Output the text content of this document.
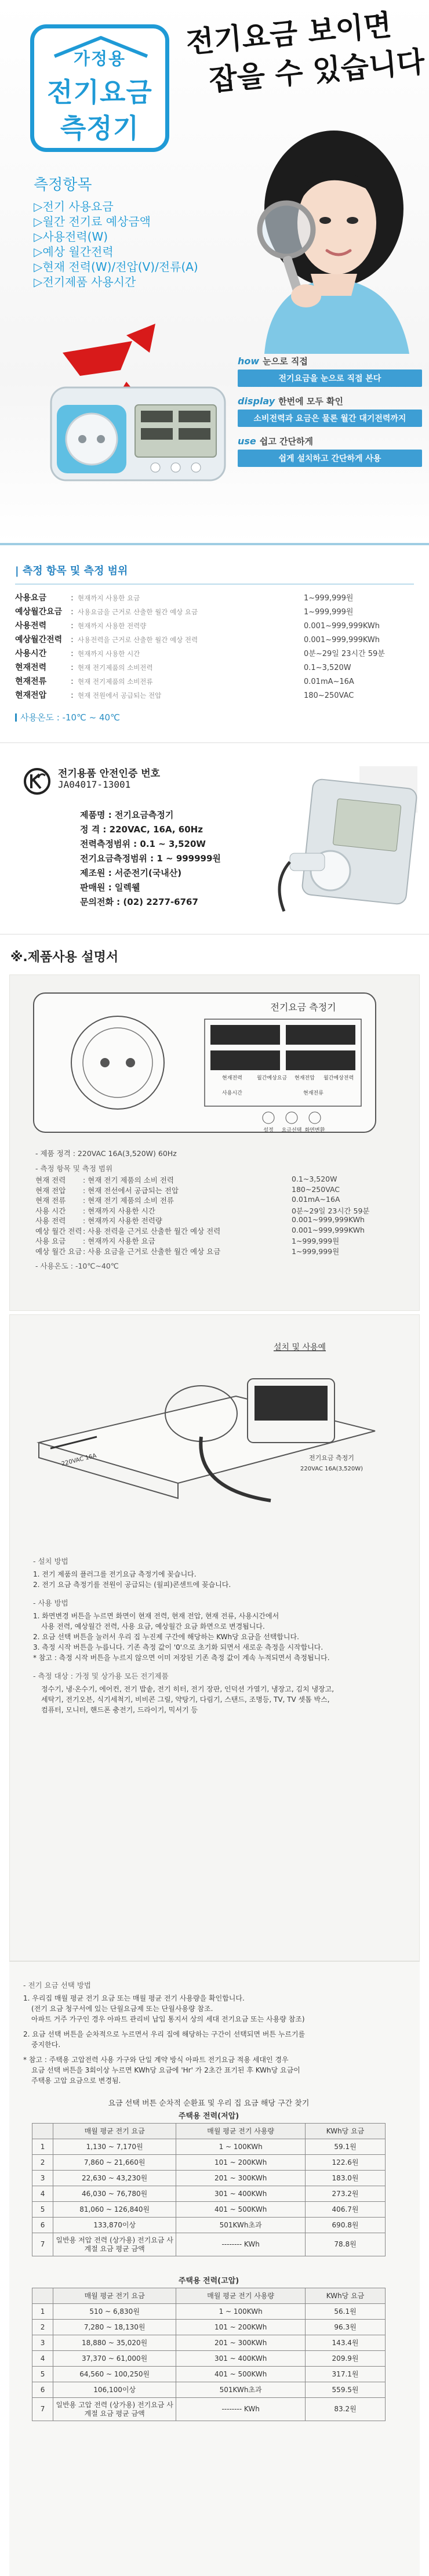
가정용
전기요금
측정기
전기요금 보이면
잡을 수 있습니다
측정항목
▷전기 사용요금
▷월간 전기료 예상금액
▷사용전력(W)
▷예상 월간전력
▷현재 전력(W)/전압(V)/전류(A)
▷전기제품 사용시간
how 눈으로 직접
전기요금을 눈으로 직접 본다
display 한번에 모두 확인
소비전력과 요금은 물론 월간 대기전력까지
use 쉽고 간단하게
쉽게 설치하고 간단하게 사용
| 측정 항목 및 측정 범위
사용요금	: 현재까지 사용한 요금	1~999,999원
예상월간요금	: 사용요금을 근거로 산출한 월간 예상 요금	1~999,999원
사용전력	: 현재까지 사용한 전력량	0.001~999,999KWh
예상월간전력	: 사용전력을 근거로 산출한 월간 예상 전력	0.001~999,999KWh
사용시간	: 현재까지 사용한 시간	0분~29일 23시간 59분
현재전력	: 현재 전기제품의 소비전력	0.1~3,520W
현재전류	: 현재 전기제품의 소비전류	0.01mA~16A
현재전압	: 현재 전원에서 공급되는 전압	180~250VAC
사용온도 : -10℃ ~ 40℃
전기용품 안전인증 번호
JA04017-13001
제품명 : 전기요금측정기
정 격 : 220VAC, 16A, 60Hz
전력측정범위 : 0.1 ~ 3,520W
전기요금측정범위 : 1 ~ 999999원
제조원 : 서준전기(국내산)
판매원 : 일렉웰
문의전화 : (02) 2277-6767
※.제품사용 설명서
전기요금 측정기
현재전력	월간예상요금 현재전압 월간예상전력
사용시간	현재전류
설정 요금선택 화면변환
- 제품 정격 : 220VAC 16A(3,520W) 60Hz
- 측정 항목 및 측정 범위
현재 전력	: 현재 전기 제품의 소비 전력	0.1~3,520W
현재 전압	: 현재 전선에서 공급되는 전압	180~250VAC
현재 전류	: 현재 전기 제품의 소비 전류	0.01mA~16A
사용 시간	: 현재까지 사용한 시간	0분~29일 23시간 59분
사용 전력	: 현재까지 사용한 전력량	0.001~999,999KWh
예상 월간 전력 : 사용 전력을 근거로 산출한 월간 예상 전력	0.001~999,999KWh
사용 요금	: 현재까지 사용한 요금	1~999,999원
예상 월간 요금 : 사용 요금을 근거로 산출한 월간 예상 요금	1~999,999원
- 사용온도 : -10℃~40℃
설치 및 사용예
220VAC 16A	전기요금 측정기
220VAC 16A(3,520W)
- 설치 방법
1. 전기 제품의 플러그를 전기요금 측정기에 꽂습니다.
2. 전기 요금 측정기를 전원이 공급되는 (월피)콘센트에 꽂습니다.
- 사용 방법
1. 화면변경 버튼을 누르면 화면이 현재 전력, 현재 전압, 현재 전류, 사용시간에서
사용 전력, 예상월간 전력, 사용 요금, 예상월간 요금 화면으로 변경됩니다.
2. 요금 선택 버튼을 눌러서 우리 집 누진제 구간에 해당하는 KWh당 요금을 선택합니다.
3. 측정 시작 버튼을 누릅니다. 기존 측정 값이 '0'으로 초기화 되면서 새로운 측정을 시작합니다.
* 참고 : 측정 시작 버튼을 누르지 않으면 이미 저장된 기존 측정 값이 계속 누적되면서 측정됩니다.
- 측정 대상 : 가정 및 상가용 모든 전기제품
정수기, 냉·온수기, 에어컨, 전기 밥솥, 전기 히터, 전기 장판, 인덕션 가열기, 냉장고, 김치 냉장고,
세탁기, 전기오븐, 식기세척기, 비비콘 그릴, 약탕기, 다림기, 스탠드, 조명등, TV, TV 셋톱 박스,
컴퓨터, 모니터, 핸드폰 충전기, 드라이기, 믹서기 등
- 전기 요금 선택 방법
1. 우리집 매월 평균 전기 요금 또는 매월 평균 전기 사용량을 확인합니다.
(전기 요금 청구서에 있는 단월요금제 또는 단월사용량 참조.
아파트 거주 가구인 경우 아파트 관리비 납입 통지서 상의 세대 전기요금 또는 사용량 참조)
2. 요금 선택 버튼을 순차적으로 누르면서 우리 집에 해당하는 구간이 선택되면 버튼 누르기를
중지한다.
* 참고 : 주택용 고압전력 사용 가구와 단일 계약 방식 아파트 전기요금 적용 세대인 경우
요금 선택 버튼을 3회이상 누르면 KWh당 요금에 'Hr' 가 2초간 표기된 후 KWh당 요금이
주택용 고압 요금으로 변경됨.
요금 선택 버튼 순차적 순환표 및 우리 집 요금 해당 구간 찾기
주택용 전력(저압)
	매월 평균 전기 요금	매월 평균 전기 사용량	KWh당 요금
1	1,130 ~ 7,170원	1 ~ 100KWh	59.1원
2	7,860 ~ 21,660원	101 ~ 200KWh	122.6원
3	22,630 ~ 43,230원	201 ~ 300KWh	183.0원
4	46,030 ~ 76,780원	301 ~ 400KWh	273.2원
5	81,060 ~ 126,840원	401 ~ 500KWh	406.7원
6	133,870이상	501KWh초과	690.8원
7	일반용 저압 전력 (상가용) 전기요금 사 계절 요금 평균 금액	-------- KWh	78.8원
주택용 전력(고압)
	매월 평균 전기 요금	매월 평균 전기 사용량	KWh당 요금
1	510 ~ 6,830원	1 ~ 100KWh	56.1원
2	7,280 ~ 18,130원	101 ~ 200KWh	96.3원
3	18,880 ~ 35,020원	201 ~ 300KWh	143.4원
4	37,370 ~ 61,000원	301 ~ 400KWh	209.9원
5	64,560 ~ 100,250원	401 ~ 500KWh	317.1원
6	106,100이상	501KWh초과	559.5원
7	일반용 고압 전력 (상가용) 전기요금 사 계절 요금 평균 금액	-------- KWh	83.2원
